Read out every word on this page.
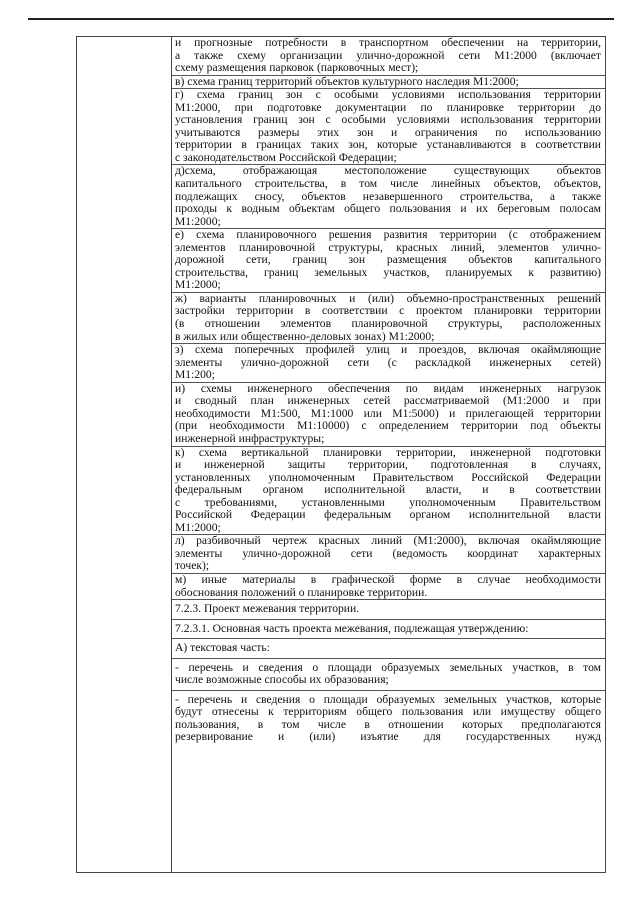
и прогнозные потребности в транспортном обеспечении на территории,
а также схему организации улично-дорожной сети М1:2000 (включает
схему размещения парковок (парковочных мест);
в) схема границ территорий объектов культурного наследия М1:2000;
г) схема границ зон с особыми условиями использования территории
М1:2000, при подготовке документации по планировке территории до
установления границ зон с особыми условиями использования территории
учитываются размеры этих зон и ограничения по использованию
территории в границах таких зон, которые устанавливаются в соответствии
с законодательством Российской Федерации;
д)схема, отображающая местоположение существующих объектов
капитального строительства, в том числе линейных объектов, объектов,
подлежащих сносу, объектов незавершенного строительства, а также
проходы к водным объектам общего пользования и их береговым полосам
М1:2000;
е) схема планировочного решения развития территории (с отображением
элементов планировочной структуры, красных линий, элементов улично-
дорожной сети, границ зон размещения объектов капитального
строительства, границ земельных участков, планируемых к развитию)
М1:2000;
ж) варианты планировочных и (или) объемно-пространственных решений
застройки территории в соответствии с проектом планировки территории
(в отношении элементов планировочной структуры, расположенных
в жилых или общественно-деловых зонах) М1:2000;
з) схема поперечных профилей улиц и проездов, включая окаймляющие
элементы улично-дорожной сети (с раскладкой инженерных сетей)
М1:200;
и) схемы инженерного обеспечения по видам инженерных нагрузок
и сводный план инженерных сетей рассматриваемой (М1:2000 и при
необходимости М1:500, М1:1000 или М1:5000) и прилегающей территории
(при необходимости М1:10000) с определением территории под объекты
инженерной инфраструктуры;
к) схема вертикальной планировки территории, инженерной подготовки
и инженерной защиты территории, подготовленная в случаях,
установленных уполномоченным Правительством Российской Федерации
федеральным органом исполнительной власти, и в соответствии
с требованиями, установленными уполномоченным Правительством
Российской Федерации федеральным органом исполнительной власти
М1:2000;
л) разбивочный чертеж красных линий (М1:2000), включая окаймляющие
элементы улично-дорожной сети (ведомость координат характерных
точек);
м) иные материалы в графической форме в случае необходимости
обоснования положений о планировке территории.
7.2.3. Проект межевания территории.
7.2.3.1. Основная часть проекта межевания, подлежащая утверждению:
А) текстовая часть:
- перечень и сведения о площади образуемых земельных участков, в том
числе возможные способы их образования;
- перечень и сведения о площади образуемых земельных участков, которые
будут отнесены к территориям общего пользования или имуществу общего
пользования, в том числе в отношении которых предполагаются
резервирование и (или) изъятие для государственных нужд
